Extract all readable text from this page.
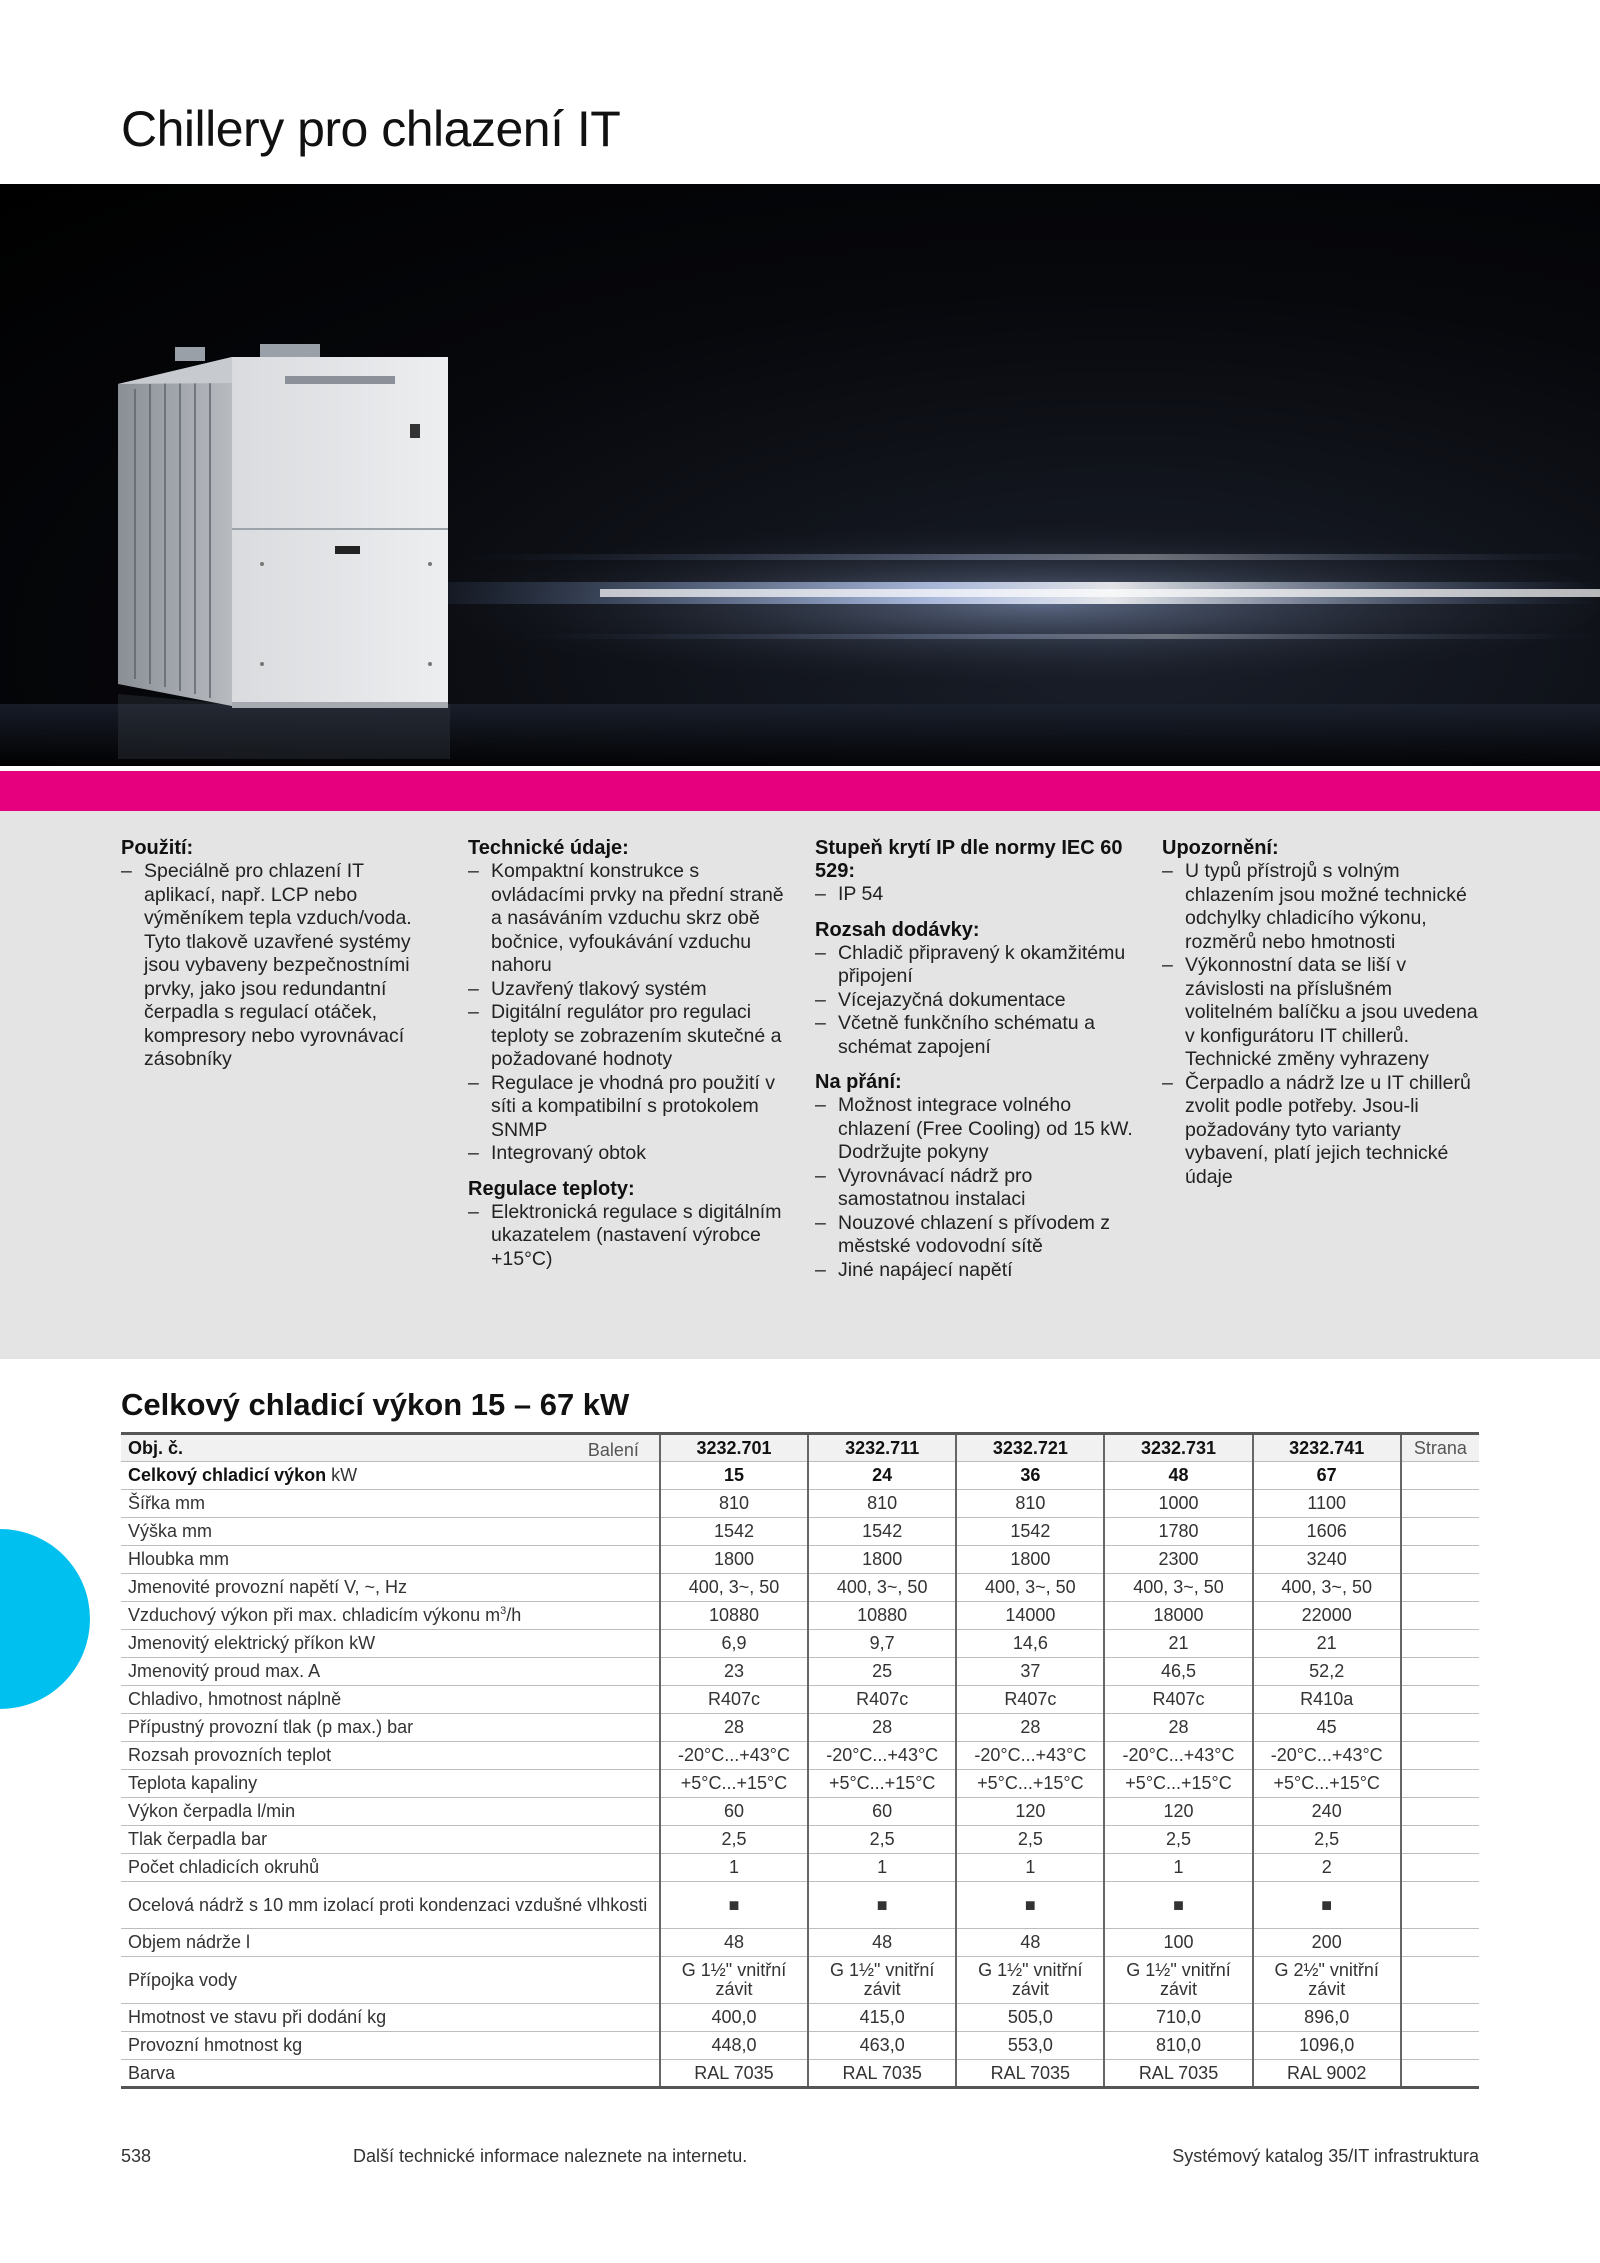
Chillery pro chlazení IT
Použití:
– Speciálně pro chlazení IT aplikací, např. LCP nebo výměníkem tepla vzduch/voda. Tyto tlakově uzavřené systémy jsou vybaveny bezpečnostními prvky, jako jsou redundantní čerpadla s regulací otáček, kompresory nebo vyrovnávací zásobníky
Technické údaje:
– Kompaktní konstrukce s ovládacími prvky na přední straně a nasáváním vzduchu skrz obě bočnice, vyfoukávání vzduchu nahoru
– Uzavřený tlakový systém
– Digitální regulátor pro regulaci teploty se zobrazením skutečné a požadované hodnoty
– Regulace je vhodná pro použití v síti a kompatibilní s protokolem SNMP
– Integrovaný obtok
Regulace teploty:
– Elektronická regulace s digitálním ukazatelem (nastavení výrobce +15°C)
Stupeň krytí IP dle normy IEC 60 529:
– IP 54
Rozsah dodávky:
– Chladič připravený k okamžitému připojení
– Vícejazyčná dokumentace
– Včetně funkčního schématu a schémat zapojení
Na přání:
– Možnost integrace volného chlazení (Free Cooling) od 15 kW. Dodržujte pokyny
– Vyrovnávací nádrž pro samostatnou instalaci
– Nouzové chlazení s přívodem z městské vodovodní sítě
– Jiné napájecí napětí
Upozornění:
– U typů přístrojů s volným chlazením jsou možné technické odchylky chladicího výkonu, rozměrů nebo hmotnosti
– Výkonnostní data se liší v závislosti na příslušném volitelném balíčku a jsou uvedena v konfigurátoru IT chillerů. Technické změny vyhrazeny
– Čerpadlo a nádrž lze u IT chillerů zvolit podle potřeby. Jsou-li požadovány tyto varianty vybavení, platí jejich technické údaje
Celkový chladicí výkon 15 – 67 kW
Obj. č. Balení	3232.701	3232.711	3232.721	3232.731	3232.741	Strana
Celkový chladicí výkon kW	15	24	36	48	67	
Šířka mm	810	810	810	1000	1100	
Výška mm	1542	1542	1542	1780	1606	
Hloubka mm	1800	1800	1800	2300	3240	
Jmenovité provozní napětí V, ~, Hz	400, 3~, 50	400, 3~, 50	400, 3~, 50	400, 3~, 50	400, 3~, 50	
Vzduchový výkon při max. chladicím výkonu $m^3/h$	10880	10880	14000	18000	22000	
Jmenovitý elektrický příkon kW	6,9	9,7	14,6	21	21	
Jmenovitý proud max. A	23	25	37	46,5	52,2	
Chladivo, hmotnost náplně	R407c	R407c	R407c	R407c	R410a	
Přípustný provozní tlak (p max.) bar	28	28	28	28	45	
Rozsah provozních teplot	-20°C...+43°C	-20°C...+43°C	-20°C...+43°C	-20°C...+43°C	-20°C...+43°C	
Teplota kapaliny	+5°C...+15°C	+5°C...+15°C	+5°C...+15°C	+5°C...+15°C	+5°C...+15°C	
Výkon čerpadla l/min	60	60	120	120	240	
Tlak čerpadla bar	2,5	2,5	2,5	2,5	2,5	
Počet chladicích okruhů	1	1	1	1	2	
Ocelová nádrž s 10 mm izolací proti kondenzaci vzdušné vlhkosti	■	■	■	■	■	
Objem nádrže l	48	48	48	100	200	
Přípojka vody	G 1½" vnitřní závit	G 1½" vnitřní závit	G 1½" vnitřní závit	G 1½" vnitřní závit	G 2½" vnitřní závit	
Hmotnost ve stavu při dodání kg	400,0	415,0	505,0	710,0	896,0	
Provozní hmotnost kg	448,0	463,0	553,0	810,0	1096,0	
Barva	RAL 7035	RAL 7035	RAL 7035	RAL 7035	RAL 9002	
538	Další technické informace naleznete na internetu.	Systémový katalog 35/IT infrastruktura
